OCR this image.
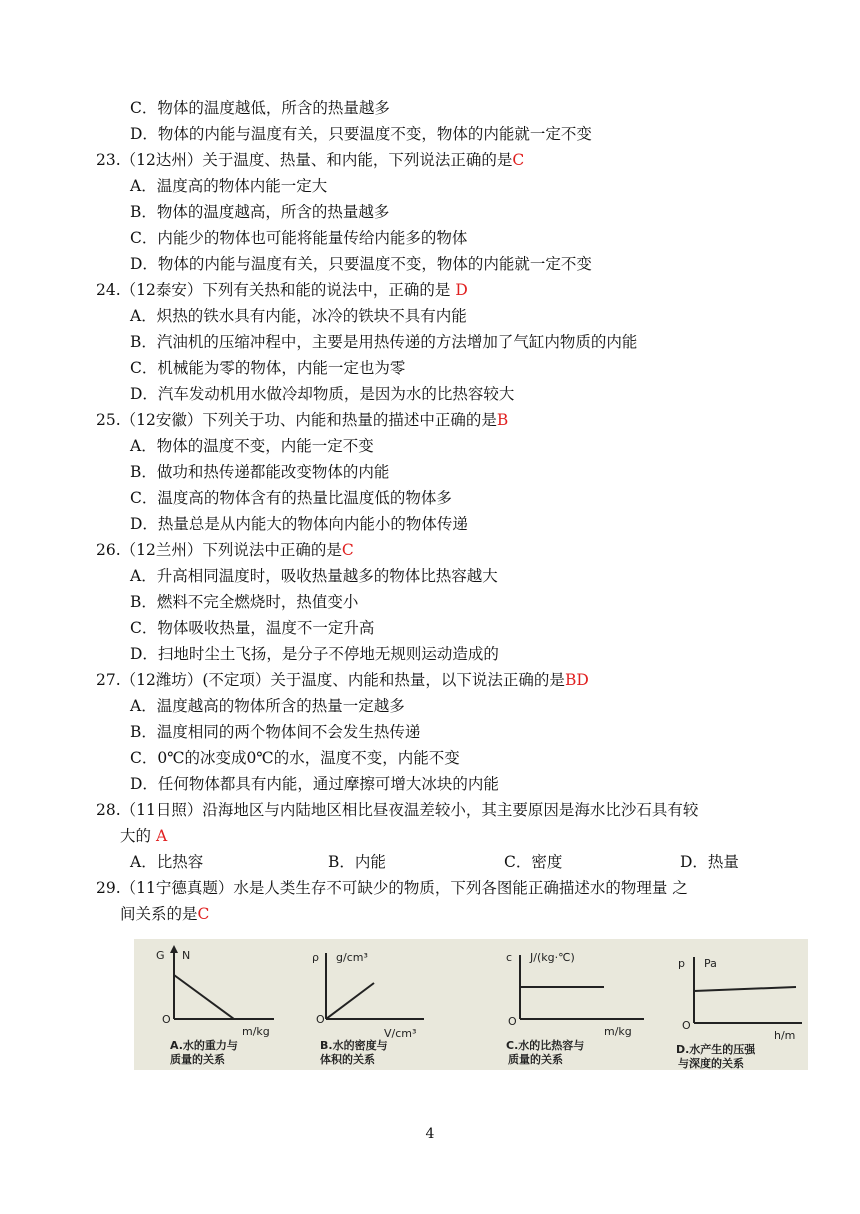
C．物体的温度越低，所含的热量越多
D．物体的内能与温度有关，只要温度不变，物体的内能就一定不变
23.（12达州）关于温度、热量、和内能，下列说法正确的是C
A．温度高的物体内能一定大
B．物体的温度越高，所含的热量越多
C．内能少的物体也可能将能量传给内能多的物体
D．物体的内能与温度有关，只要温度不变，物体的内能就一定不变
24.（12泰安）下列有关热和能的说法中，正确的是 D
A．炽热的铁水具有内能，冰冷的铁块不具有内能
B．汽油机的压缩冲程中，主要是用热传递的方法增加了气缸内物质的内能
C．机械能为零的物体，内能一定也为零
D．汽车发动机用水做冷却物质，是因为水的比热容较大
25.（12安徽）下列关于功、内能和热量的描述中正确的是B
A．物体的温度不变，内能一定不变
B．做功和热传递都能改变物体的内能
C．温度高的物体含有的热量比温度低的物体多
D．热量总是从内能大的物体向内能小的物体传递
26.（12兰州）下列说法中正确的是C
A．升高相同温度时，吸收热量越多的物体比热容越大
B．燃料不完全燃烧时，热值变小
C．物体吸收热量，温度不一定升高
D．扫地时尘土飞扬，是分子不停地无规则运动造成的
27.（12潍坊）(不定项）关于温度、内能和热量，以下说法正确的是BD
A．温度越高的物体所含的热量一定越多
B．温度相同的两个物体间不会发生热传递
C．0℃的冰变成0℃的水，温度不变，内能不变
D．任何物体都具有内能，通过摩擦可增大冰块的内能
28.（11日照）沿海地区与内陆地区相比昼夜温差较小，其主要原因是海水比沙石具有较
大的 A
A．比热容	B．内能	C．密度	D．热量
29.（11宁德真题）水是人类生存不可缺少的物质，下列各图能正确描述水的物理量 之
间关系的是C
G N
O
m/kg
A.水的重力与
质量的关系
ρ g/cm³
O
V/cm³
B.水的密度与
体积的关系
c J/(kg·℃)
O
m/kg
C.水的比热容与
质量的关系
p Pa
O
h/m
D.水产生的压强
与深度的关系
4
